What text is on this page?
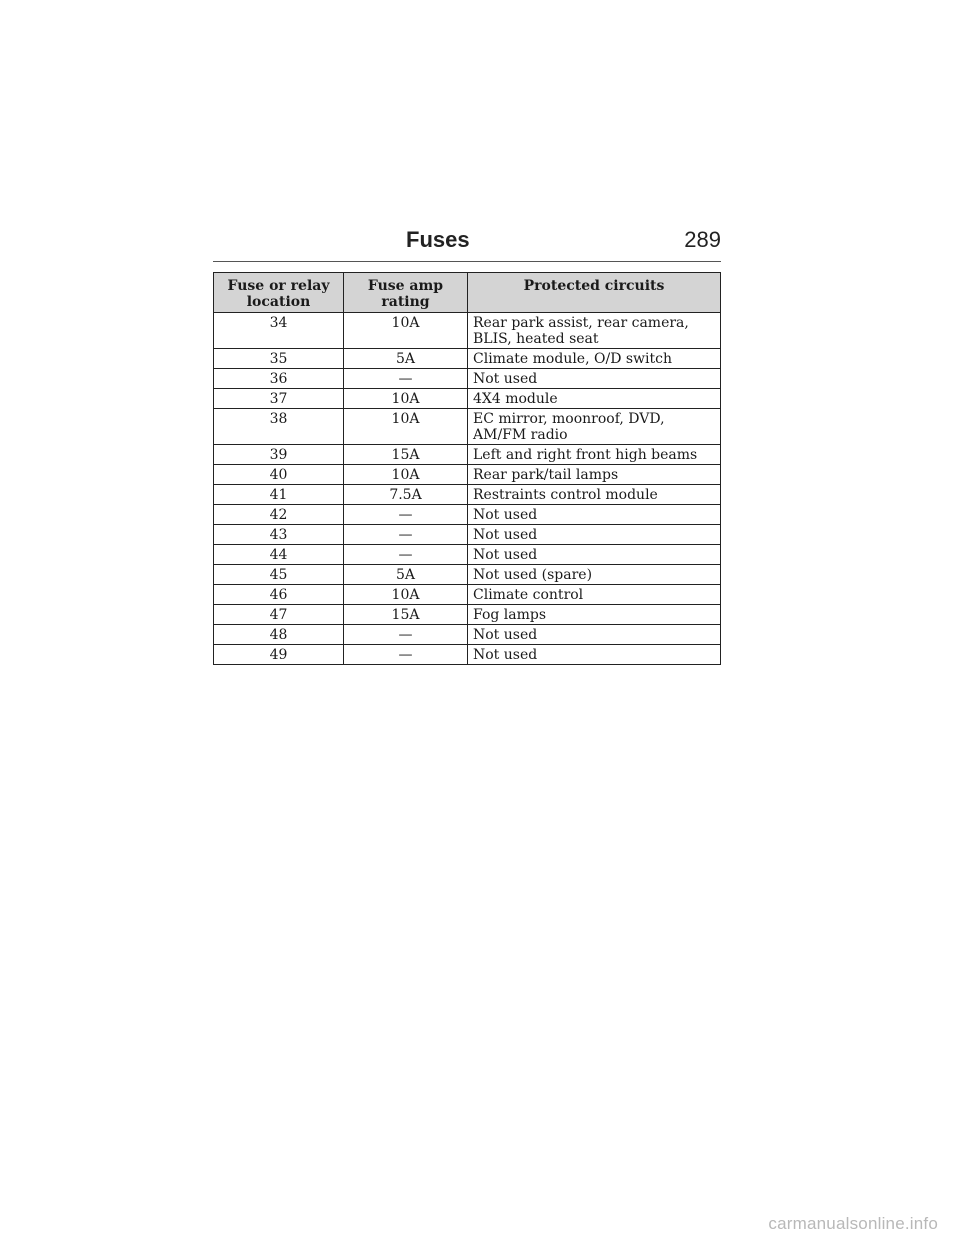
Fuses	289
Fuse or relay location	Fuse amp rating	Protected circuits
34	10A	Rear park assist, rear camera, BLIS, heated seat
35	5A	Climate module, O/D switch
36	—	Not used
37	10A	4X4 module
38	10A	EC mirror, moonroof, DVD, AM/FM radio
39	15A	Left and right front high beams
40	10A	Rear park/tail lamps
41	7.5A	Restraints control module
42	—	Not used
43	—	Not used
44	—	Not used
45	5A	Not used (spare)
46	10A	Climate control
47	15A	Fog lamps
48	—	Not used
49	—	Not used
carmanualsonline.info
